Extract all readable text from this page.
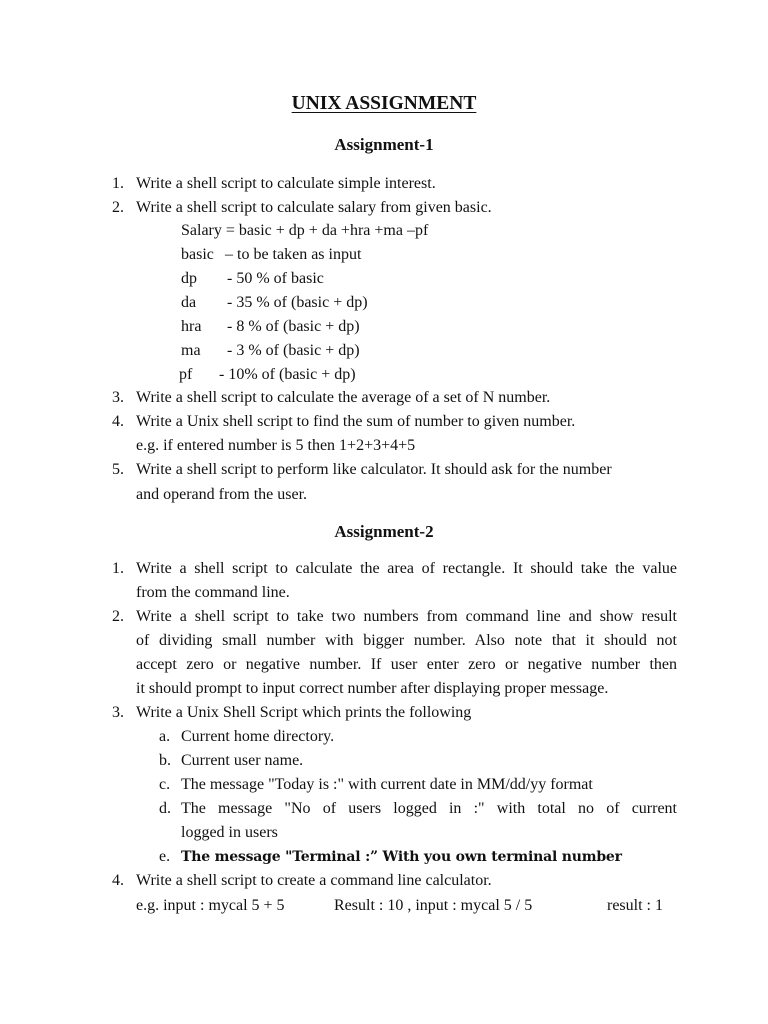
UNIX ASSIGNMENT
Assignment-1
1. Write a shell script to calculate simple interest.
2. Write a shell script to calculate salary from given basic.
Salary = basic + dp + da +hra +ma –pf
basic – to be taken as input
dp - 50 % of basic
da - 35 % of (basic + dp)
hra - 8 % of (basic + dp)
ma - 3 % of (basic + dp)
pf - 10% of (basic + dp)
3. Write a shell script to calculate the average of a set of N number.
4. Write a Unix shell script to find the sum of number to given number.
e.g. if entered number is 5 then 1+2+3+4+5
5. Write a shell script to perform like calculator. It should ask for the number
and operand from the user.
Assignment-2
1. Write a shell script to calculate the area of rectangle. It should take the value
from the command line.
2. Write a shell script to take two numbers from command line and show result
of dividing small number with bigger number. Also note that it should not
accept zero or negative number. If user enter zero or negative number then
it should prompt to input correct number after displaying proper message.
3. Write a Unix Shell Script which prints the following
a. Current home directory.
b. Current user name.
c. The message "Today is :" with current date in MM/dd/yy format
d. The message "No of users logged in :" with total no of current
logged in users
e. The message "Terminal :” With you own terminal number
4. Write a shell script to create a command line calculator.
e.g. input : mycal 5 + 5	Result : 10 , input : mycal 5 / 5	result : 1
